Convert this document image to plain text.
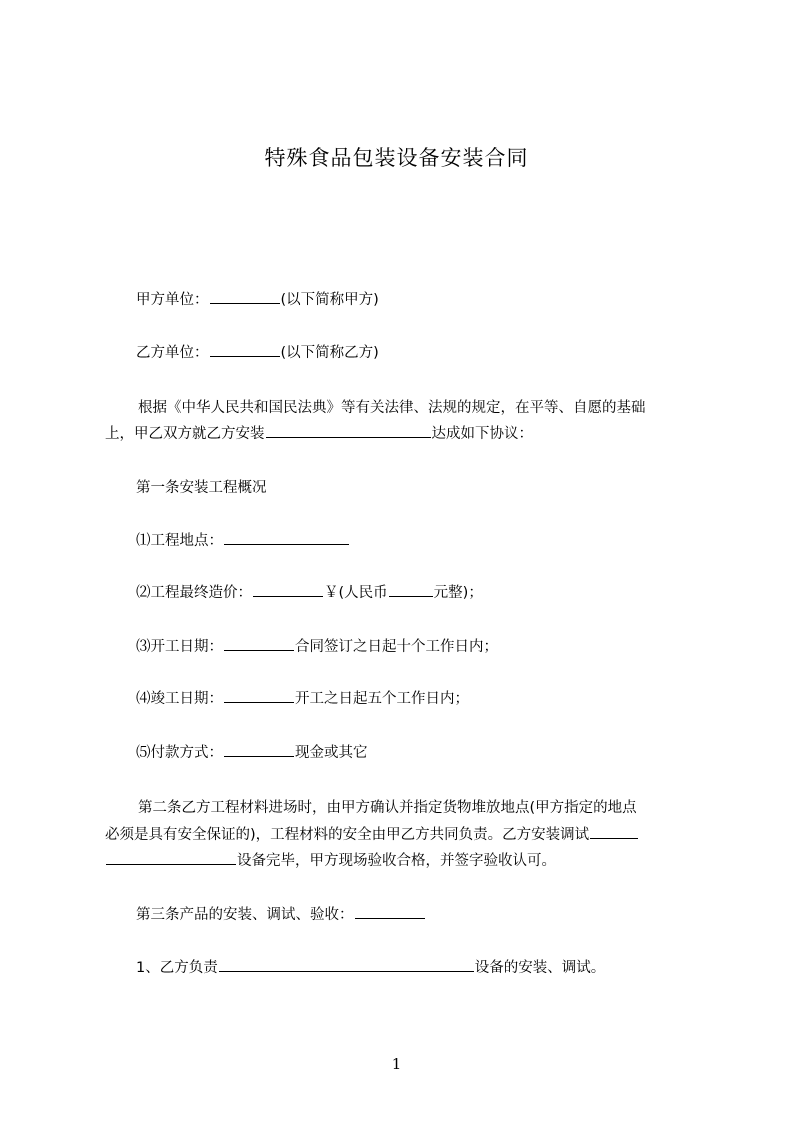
特殊食品包装设备安装合同
甲方单位：	(以下简称甲方)
乙方单位：	(以下简称乙方)
根据《中华人民共和国民法典》等有关法律、法规的规定，在平等、自愿的基础
上，甲乙双方就乙方安装	达成如下协议：
第一条安装工程概况
⑴工程地点：
⑵工程最终造价：	￥(人民币	元整)；
⑶开工日期：	合同签订之日起十个工作日内；
⑷竣工日期：	开工之日起五个工作日内；
⑸付款方式：	现金或其它
第二条乙方工程材料进场时，由甲方确认并指定货物堆放地点(甲方指定的地点
必须是具有安全保证的)，工程材料的安全由甲乙方共同负责。乙方安装调试
设备完毕，甲方现场验收合格，并签字验收认可。
第三条产品的安装、调试、验收：
1、乙方负责	设备的安装、调试。
1
